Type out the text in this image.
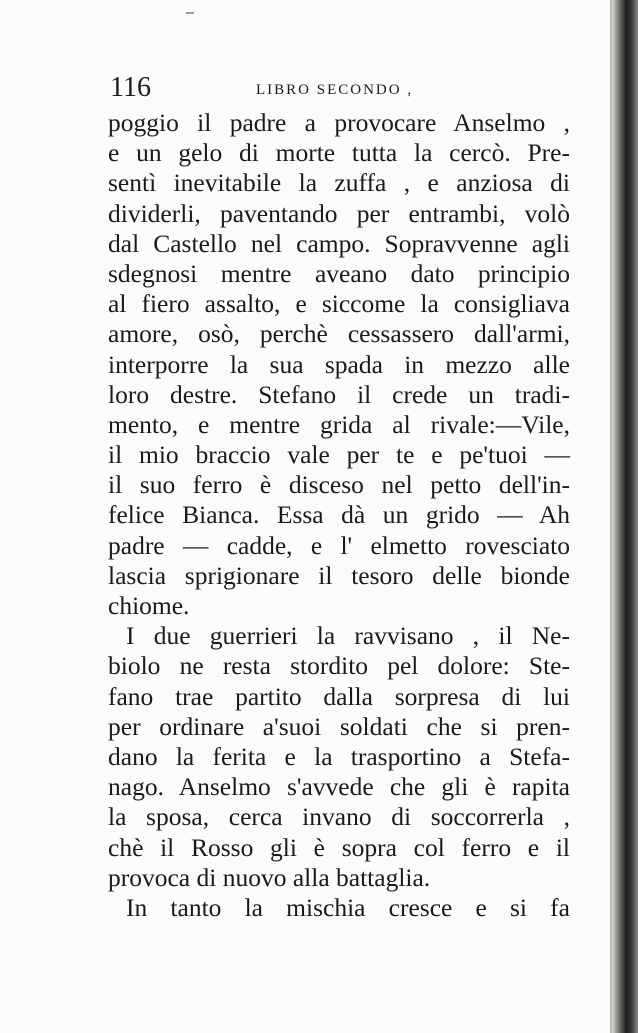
116	LIBRO SECONDO ,
poggio il padre a provocare Anselmo ,
e un gelo di morte tutta la cercò. Pre-
sentì inevitabile la zuffa , e anziosa di
dividerli, paventando per entrambi, volò
dal Castello nel campo. Sopravvenne agli
sdegnosi mentre aveano dato principio
al fiero assalto, e siccome la consigliava
amore, osò, perchè cessassero dall'armi,
interporre la sua spada in mezzo alle
loro destre. Stefano il crede un tradi-
mento, e mentre grida al rivale:—Vile,
il mio braccio vale per te e pe'tuoi —
il suo ferro è disceso nel petto dell'in-
felice Bianca. Essa dà un grido — Ah
padre — cadde, e l' elmetto rovesciato
lascia sprigionare il tesoro delle bionde
chiome.
I due guerrieri la ravvisano , il Ne-
biolo ne resta stordito pel dolore: Ste-
fano trae partito dalla sorpresa di lui
per ordinare a'suoi soldati che si pren-
dano la ferita e la trasportino a Stefa-
nago. Anselmo s'avvede che gli è rapita
la sposa, cerca invano di soccorrerla ,
chè il Rosso gli è sopra col ferro e il
provoca di nuovo alla battaglia.
In tanto la mischia cresce e si fa
